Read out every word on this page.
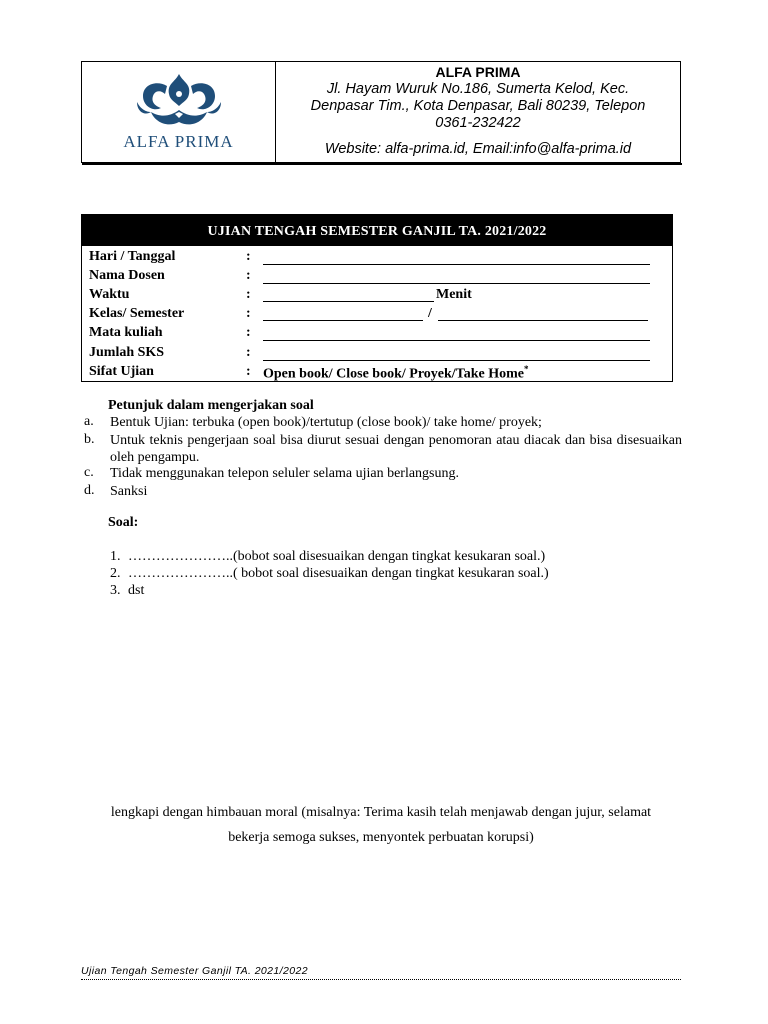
ALFA PRIMA
ALFA PRIMA
Jl. Hayam Wuruk No.186, Sumerta Kelod, Kec.
Denpasar Tim., Kota Denpasar, Bali 80239, Telepon
0361-232422
Website: alfa-prima.id, Email:info@alfa-prima.id
UJIAN TENGAH SEMESTER GANJIL TA. 2021/2022
Hari / Tanggal	:
Nama Dosen	:
Waktu	:	Menit
Kelas/ Semester	:	/
Mata kuliah	:
Jumlah SKS	:
Sifat Ujian	: Open book/ Close book/ Proyek/Take Home*
Petunjuk dalam mengerjakan soal
a. Bentuk Ujian: terbuka (open book)/tertutup (close book)/ take home/ proyek;
b. Untuk teknis pengerjaan soal bisa diurut sesuai dengan penomoran atau diacak dan bisa disesuaikan oleh pengampu.
c. Tidak menggunakan telepon seluler selama ujian berlangsung.
d. Sanksi
Soal:
1. …………………..(bobot soal disesuaikan dengan tingkat kesukaran soal.)
2. …………………..( bobot soal disesuaikan dengan tingkat kesukaran soal.)
3. dst
lengkapi dengan himbauan moral (misalnya: Terima kasih telah menjawab dengan jujur, selamat
bekerja semoga sukses, menyontek perbuatan korupsi)
Ujian Tengah Semester Ganjil TA. 2021/2022
